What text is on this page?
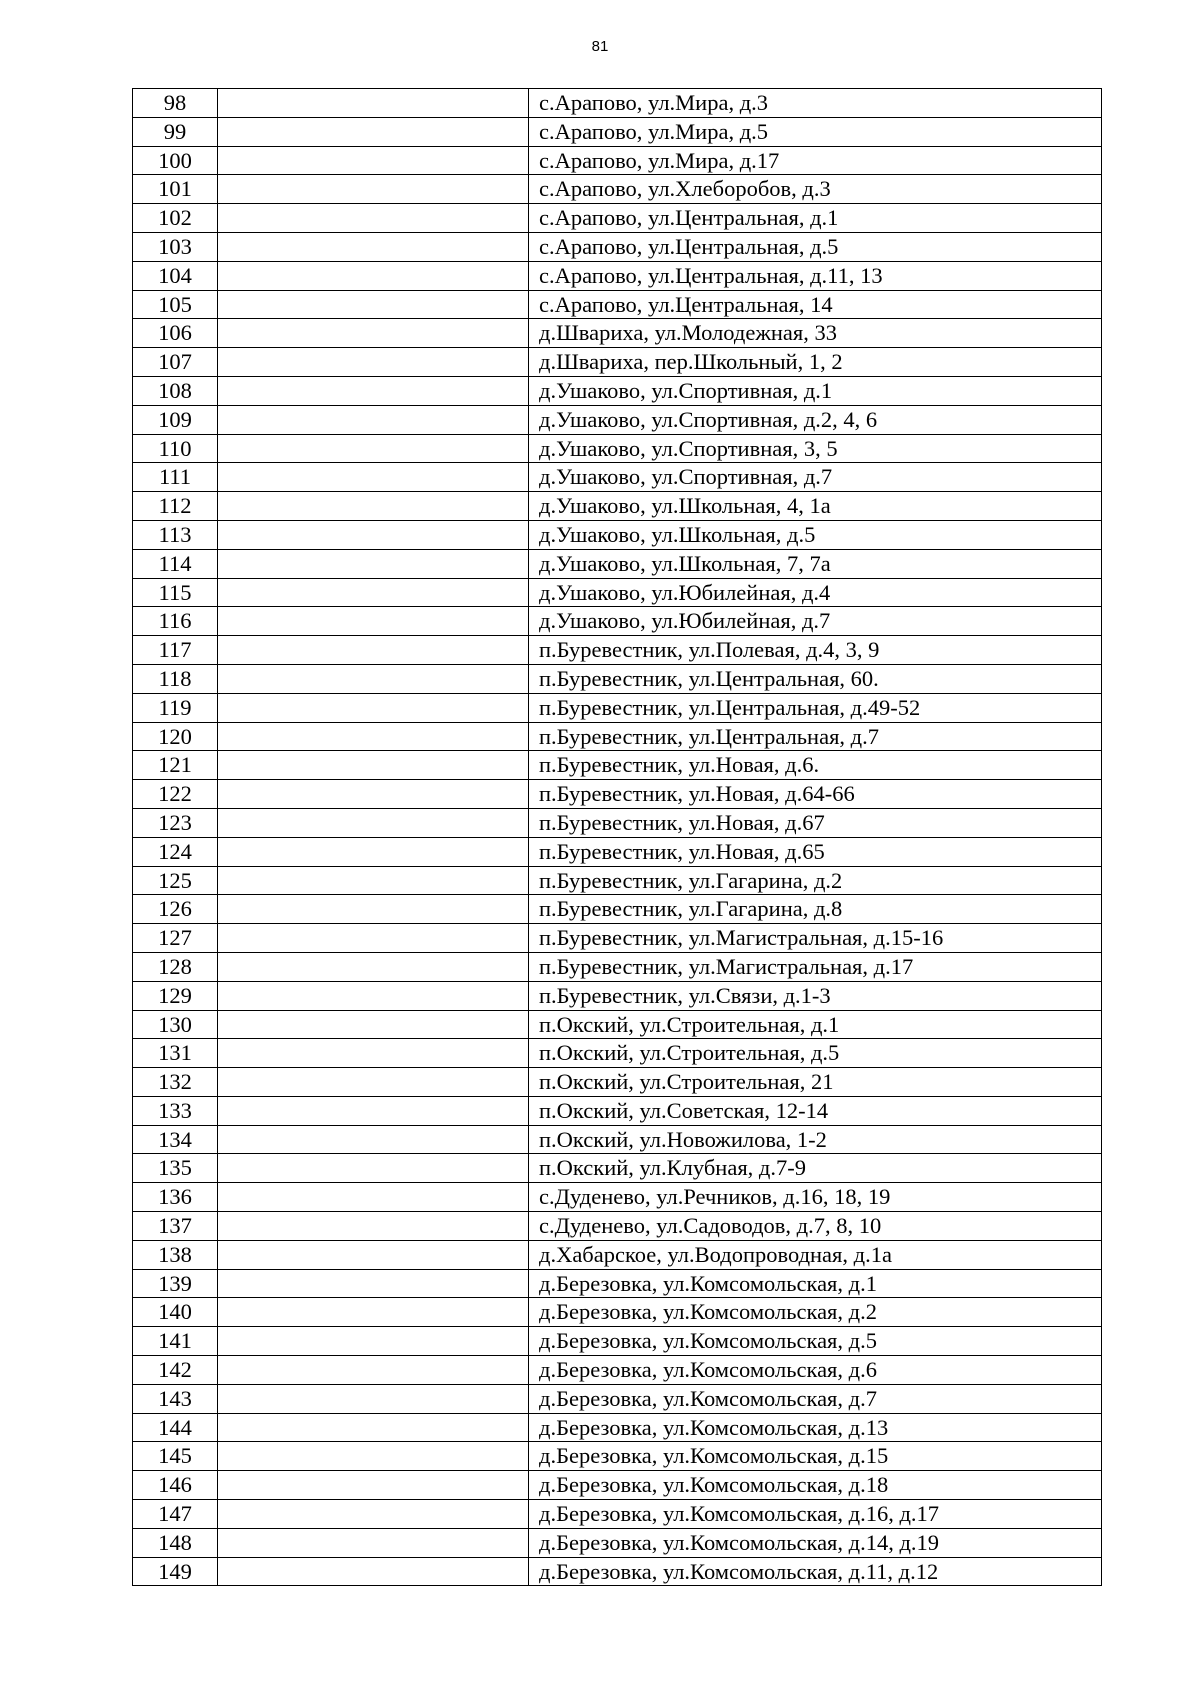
81
98		с.Арапово, ул.Мира, д.3
99		с.Арапово, ул.Мира, д.5
100		с.Арапово, ул.Мира, д.17
101		с.Арапово, ул.Хлеборобов, д.3
102		с.Арапово, ул.Центральная, д.1
103		с.Арапово, ул.Центральная, д.5
104		с.Арапово, ул.Центральная, д.11, 13
105		с.Арапово, ул.Центральная, 14
106		д.Швариха, ул.Молодежная, 33
107		д.Швариха, пер.Школьный, 1, 2
108		д.Ушаково, ул.Спортивная, д.1
109		д.Ушаково, ул.Спортивная, д.2, 4, 6
110		д.Ушаково, ул.Спортивная, 3, 5
111		д.Ушаково, ул.Спортивная, д.7
112		д.Ушаково, ул.Школьная, 4, 1а
113		д.Ушаково, ул.Школьная, д.5
114		д.Ушаково, ул.Школьная, 7, 7а
115		д.Ушаково, ул.Юбилейная, д.4
116		д.Ушаково, ул.Юбилейная, д.7
117		п.Буревестник, ул.Полевая, д.4, 3, 9
118		п.Буревестник, ул.Центральная, 60.
119		п.Буревестник, ул.Центральная, д.49-52
120		п.Буревестник, ул.Центральная, д.7
121		п.Буревестник, ул.Новая, д.6.
122		п.Буревестник, ул.Новая, д.64-66
123		п.Буревестник, ул.Новая, д.67
124		п.Буревестник, ул.Новая, д.65
125		п.Буревестник, ул.Гагарина, д.2
126		п.Буревестник, ул.Гагарина, д.8
127		п.Буревестник, ул.Магистральная, д.15-16
128		п.Буревестник, ул.Магистральная, д.17
129		п.Буревестник, ул.Связи, д.1-3
130		п.Окский, ул.Строительная, д.1
131		п.Окский, ул.Строительная, д.5
132		п.Окский, ул.Строительная, 21
133		п.Окский, ул.Советская, 12-14
134		п.Окский, ул.Новожилова, 1-2
135		п.Окский, ул.Клубная, д.7-9
136		с.Дуденево, ул.Речников, д.16, 18, 19
137		с.Дуденево, ул.Садоводов, д.7, 8, 10
138		д.Хабарское, ул.Водопроводная, д.1а
139		д.Березовка, ул.Комсомольская, д.1
140		д.Березовка, ул.Комсомольская, д.2
141		д.Березовка, ул.Комсомольская, д.5
142		д.Березовка, ул.Комсомольская, д.6
143		д.Березовка, ул.Комсомольская, д.7
144		д.Березовка, ул.Комсомольская, д.13
145		д.Березовка, ул.Комсомольская, д.15
146		д.Березовка, ул.Комсомольская, д.18
147		д.Березовка, ул.Комсомольская, д.16, д.17
148		д.Березовка, ул.Комсомольская, д.14, д.19
149		д.Березовка, ул.Комсомольская, д.11, д.12
